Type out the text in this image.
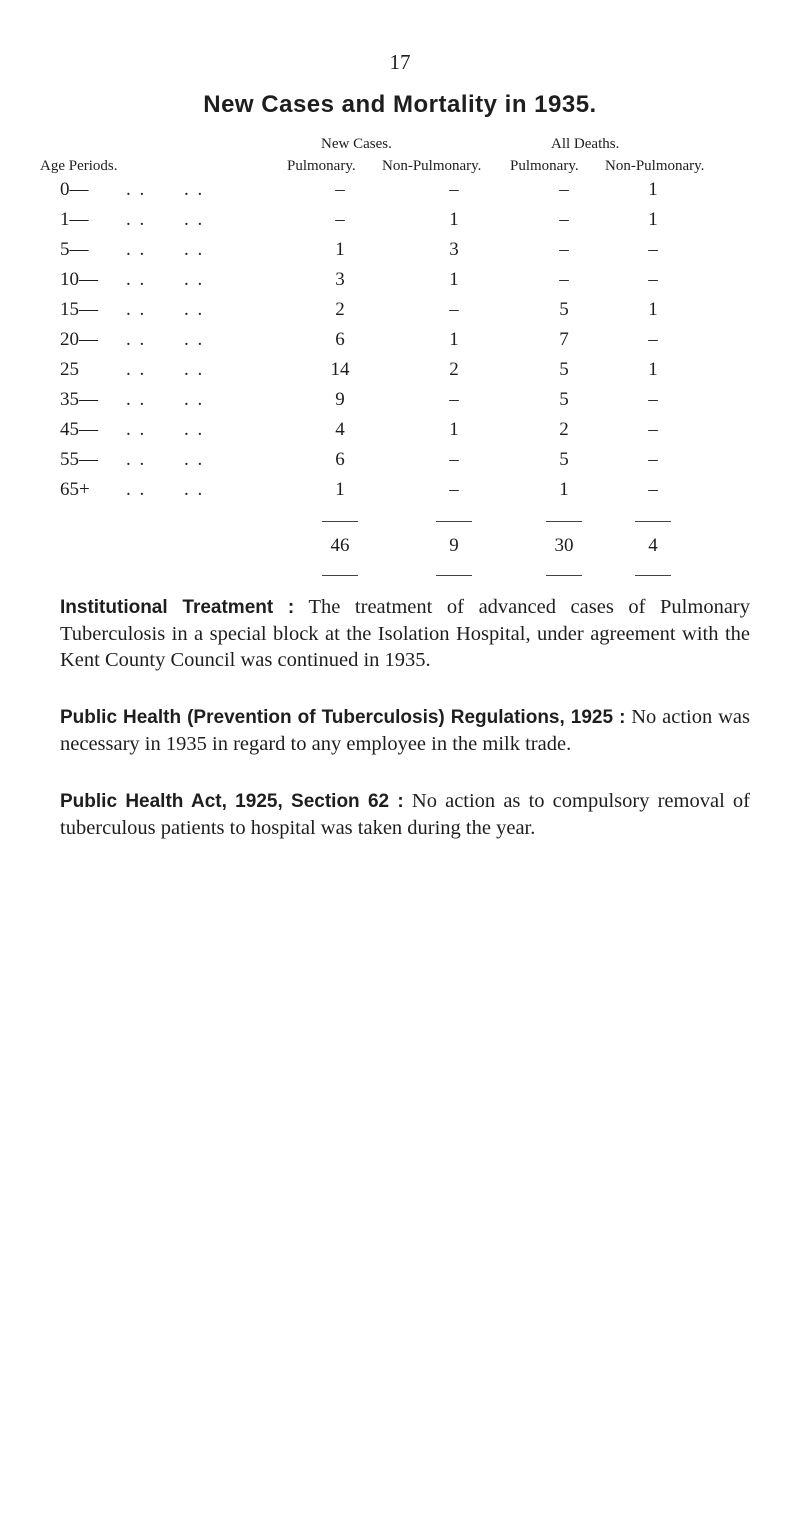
17
New Cases and Mortality in 1935.
New Cases.	All Deaths.
Age Periods.	Pulmonary. Non-Pulmonary. Pulmonary. Non-Pulmonary.
0— . . . .	–	–	–	1
1— . . . .	–	1	–	1
5— . . . .	1	3	–	–
10— . . . .	3	1	–	–
15— . . . .	2	–	5	1
20— . . . .	6	1	7	–
25 . . . .	14	2	5	1
35— . . . .	9	–	5	–
45— . . . .	4	1	2	–
55— . . . .	6	–	5	–
65+ . . . .	1	–	1	–
46	9	30	4
Institutional Treatment : The treatment of advanced cases of Pulmonary Tuberculosis in a special block at the Isolation Hospital, under agreement with the Kent County Council was continued in 1935.
Public Health (Prevention of Tuberculosis) Regulations, 1925 : No action was necessary in 1935 in regard to any employee in the milk trade.
Public Health Act, 1925, Section 62 : No action as to compulsory removal of tuberculous patients to hospital was taken during the year.
